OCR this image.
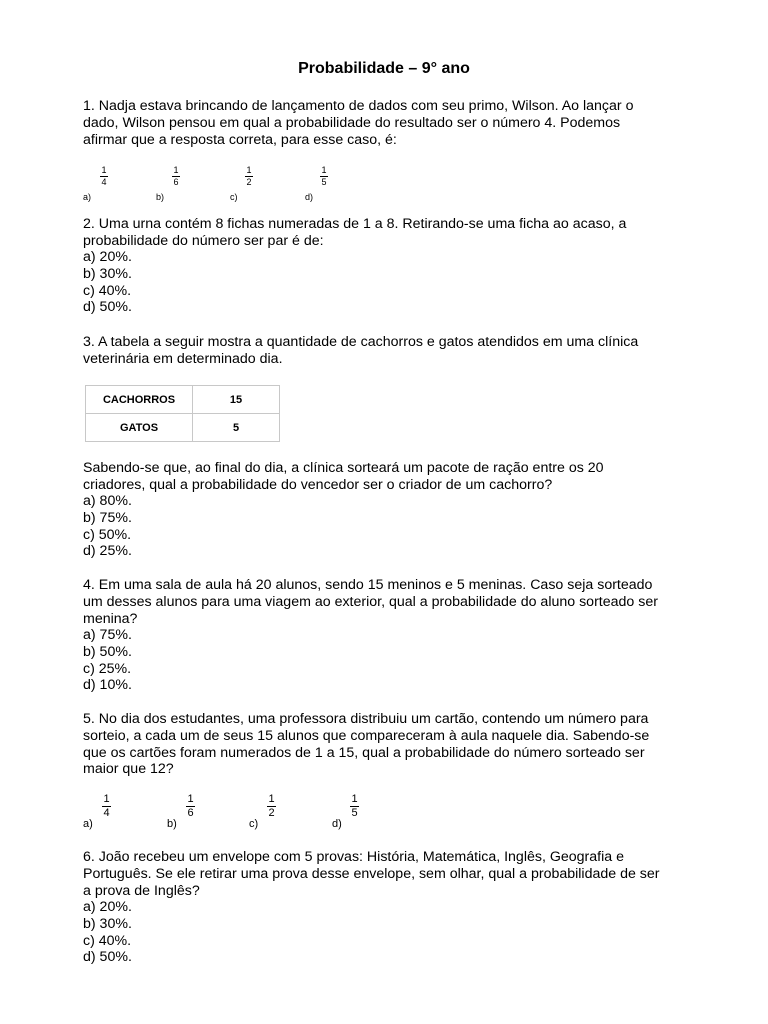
Probabilidade – 9° ano

1. Nadja estava brincando de lançamento de dados com seu primo, Wilson. Ao lançar o
dado, Wilson pensou em qual a probabilidade do resultado ser o número 4. Podemos
afirmar que a resposta correta, para esse caso, é:

a)
1
4
b)
1
6
c)
1
2
d)
1
5

2. Uma urna contém 8 fichas numeradas de 1 a 8. Retirando-se uma ficha ao acaso, a
probabilidade do número ser par é de:

a) 20%.
b) 30%.
c) 40%.
d) 50%.

3. A tabela a seguir mostra a quantidade de cachorros e gatos atendidos em uma clínica
veterinária em determinado dia.

CACHORROS	15
GATOS	5

Sabendo-se que, ao final do dia, a clínica sorteará um pacote de ração entre os 20
criadores, qual a probabilidade do vencedor ser o criador de um cachorro?

a) 80%.
b) 75%.
c) 50%.
d) 25%.

4. Em uma sala de aula há 20 alunos, sendo 15 meninos e 5 meninas. Caso seja sorteado
um desses alunos para uma viagem ao exterior, qual a probabilidade do aluno sorteado ser
menina?

a) 75%.
b) 50%.
c) 25%.
d) 10%.

5. No dia dos estudantes, uma professora distribuiu um cartão, contendo um número para
sorteio, a cada um de seus 15 alunos que compareceram à aula naquele dia. Sabendo-se
que os cartões foram numerados de 1 a 15, qual a probabilidade do número sorteado ser
maior que 12?

a)
1
4
b)
1
6
c)
1
2
d)
1
5

6. João recebeu um envelope com 5 provas: História, Matemática, Inglês, Geografia e
Português. Se ele retirar uma prova desse envelope, sem olhar, qual a probabilidade de ser
a prova de Inglês?

a) 20%.
b) 30%.
c) 40%.
d) 50%.
